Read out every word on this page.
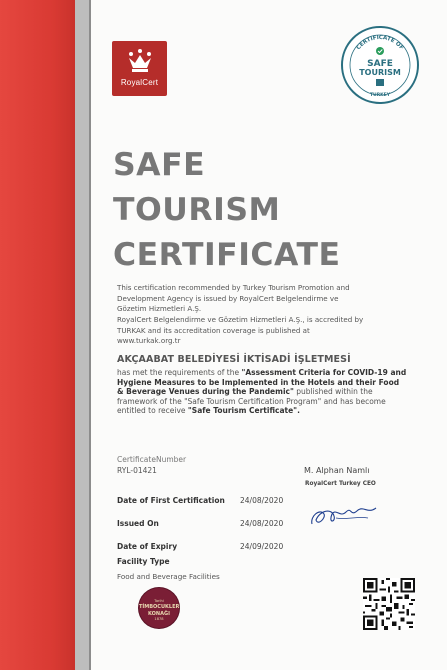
RoyalCert
CERTIFICATE OF
SAFE
TOURISM
TURKEY
SAFE
TOURISM
CERTIFICATE
This certification recommended by Turkey Tourism Promotion and Development Agency is issued by RoyalCert Belgelendirme ve Gözetim Hizmetleri A.Ş.
RoyalCert Belgelendirme ve Gözetim Hizmetleri A.Ş., is accredited by TURKAK and its accreditation coverage is published at www.turkak.org.tr
AKÇAABAT BELEDİYESİ İKTİSADİ İŞLETMESİ
has met the requirements of the "Assessment Criteria for COVID-19 and Hygiene Measures to be Implemented in the Hotels and their Food & Beverage Venues during the Pandemic" published within the framework of the "Safe Tourism Certification Program" and has become entitled to receive "Safe Tourism Certificate".
CertificateNumber
RYL-01421	M. Alphan Namlı
RoyalCert Turkey CEO
Date of First Certification 24/08/2020
Issued On	24/08/2020
Date of Expiry	24/09/2020
Facility Type
Food and Beverage Facilities
Tarihi
TİMBOCUKLER
KONAĞI
1878
